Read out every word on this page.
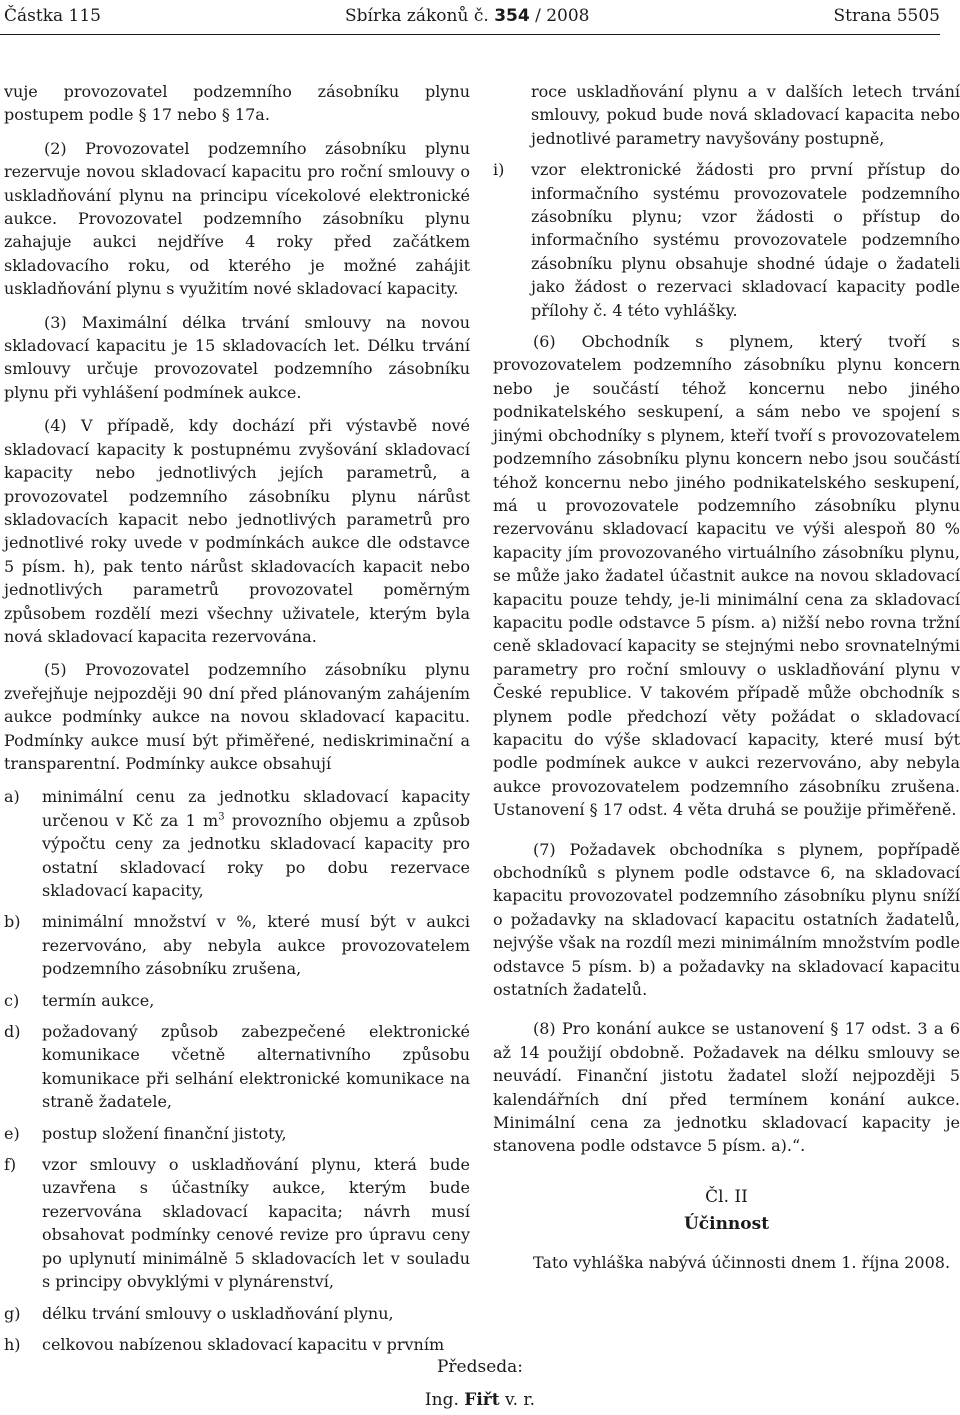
Částka 115	Sbírka zákonů č. 354 / 2008	Strana 5505

vuje provozovatel podzemního zásobníku plynu postupem podle § 17 nebo § 17a.

(2) Provozovatel podzemního zásobníku plynu rezervuje novou skladovací kapacitu pro roční smlouvy o uskladňování plynu na principu vícekolové elektronické aukce. Provozovatel podzemního zásobníku plynu zahajuje aukci nejdříve 4 roky před začátkem skladovacího roku, od kterého je možné zahájit uskladňování plynu s využitím nové skladovací kapacity.

(3) Maximální délka trvání smlouvy na novou skladovací kapacitu je 15 skladovacích let. Délku trvání smlouvy určuje provozovatel podzemního zásobníku plynu při vyhlášení podmínek aukce.

(4) V případě, kdy dochází při výstavbě nové skladovací kapacity k postupnému zvyšování skladovací kapacity nebo jednotlivých jejích parametrů, a provozovatel podzemního zásobníku plynu nárůst skladovacích kapacit nebo jednotlivých parametrů pro jednotlivé roky uvede v podmínkách aukce dle odstavce 5 písm. h), pak tento nárůst skladovacích kapacit nebo jednotlivých parametrů provozovatel poměrným způsobem rozdělí mezi všechny uživatele, kterým byla nová skladovací kapacita rezervována.

(5) Provozovatel podzemního zásobníku plynu zveřejňuje nejpozději 90 dní před plánovaným zahájením aukce podmínky aukce na novou skladovací kapacitu. Podmínky aukce musí být přiměřené, nediskriminační a transparentní. Podmínky aukce obsahují

a)	minimální cenu za jednotku skladovací kapacity určenou v Kč za 1 $m^3$ provozního objemu a způsob výpočtu ceny za jednotku skladovací kapacity pro ostatní skladovací roky po dobu rezervace skladovací kapacity,
b)	minimální množství v %, které musí být v aukci rezervováno, aby nebyla aukce provozovatelem podzemního zásobníku zrušena,
c)	termín aukce,
d)	požadovaný způsob zabezpečené elektronické komunikace včetně alternativního způsobu komunikace při selhání elektronické komunikace na straně žadatele,
e)	postup složení finanční jistoty,
f)	vzor smlouvy o uskladňování plynu, která bude uzavřena s účastníky aukce, kterým bude rezervována skladovací kapacita; návrh musí obsahovat podmínky cenové revize pro úpravu ceny po uplynutí minimálně 5 skladovacích let v souladu s principy obvyklými v plynárenství,
g)	délku trvání smlouvy o uskladňování plynu,
h)	celkovou nabízenou skladovací kapacitu v prvním
roce uskladňování plynu a v dalších letech trvání smlouvy, pokud bude nová skladovací kapacita nebo jednotlivé parametry navyšovány postupně,
i)	vzor elektronické žádosti pro první přístup do informačního systému provozovatele podzemního zásobníku plynu; vzor žádosti o přístup do informačního systému provozovatele podzemního zásobníku plynu obsahuje shodné údaje o žadateli jako žádost o rezervaci skladovací kapacity podle přílohy č. 4 této vyhlášky.

(6) Obchodník s plynem, který tvoří s provozovatelem podzemního zásobníku plynu koncern nebo je součástí téhož koncernu nebo jiného podnikatelského seskupení, a sám nebo ve spojení s jinými obchodníky s plynem, kteří tvoří s provozovatelem podzemního zásobníku plynu koncern nebo jsou součástí téhož koncernu nebo jiného podnikatelského seskupení, má u provozovatele podzemního zásobníku plynu rezervovánu skladovací kapacitu ve výši alespoň 80 % kapacity jím provozovaného virtuálního zásobníku plynu, se může jako žadatel účastnit aukce na novou skladovací kapacitu pouze tehdy, je-li minimální cena za skladovací kapacitu podle odstavce 5 písm. a) nižší nebo rovna tržní ceně skladovací kapacity se stejnými nebo srovnatelnými parametry pro roční smlouvy o uskladňování plynu v České republice. V takovém případě může obchodník s plynem podle předchozí věty požádat o skladovací kapacitu do výše skladovací kapacity, které musí být podle podmínek aukce v aukci rezervováno, aby nebyla aukce provozovatelem podzemního zásobníku zrušena. Ustanovení § 17 odst. 4 věta druhá se použije přiměřeně.

(7) Požadavek obchodníka s plynem, popřípadě obchodníků s plynem podle odstavce 6, na skladovací kapacitu provozovatel podzemního zásobníku plynu sníží o požadavky na skladovací kapacitu ostatních žadatelů, nejvýše však na rozdíl mezi minimálním množstvím podle odstavce 5 písm. b) a požadavky na skladovací kapacitu ostatních žadatelů.

(8) Pro konání aukce se ustanovení § 17 odst. 3 a 6 až 14 použijí obdobně. Požadavek na délku smlouvy se neuvádí. Finanční jistotu žadatel složí nejpozději 5 kalendářních dní před termínem konání aukce. Minimální cena za jednotku skladovací kapacity je stanovena podle odstavce 5 písm. a).“.

Čl. II
Účinnost

Tato vyhláška nabývá účinnosti dnem 1. října 2008.

Předseda:
Ing. Fiřt v. r.
